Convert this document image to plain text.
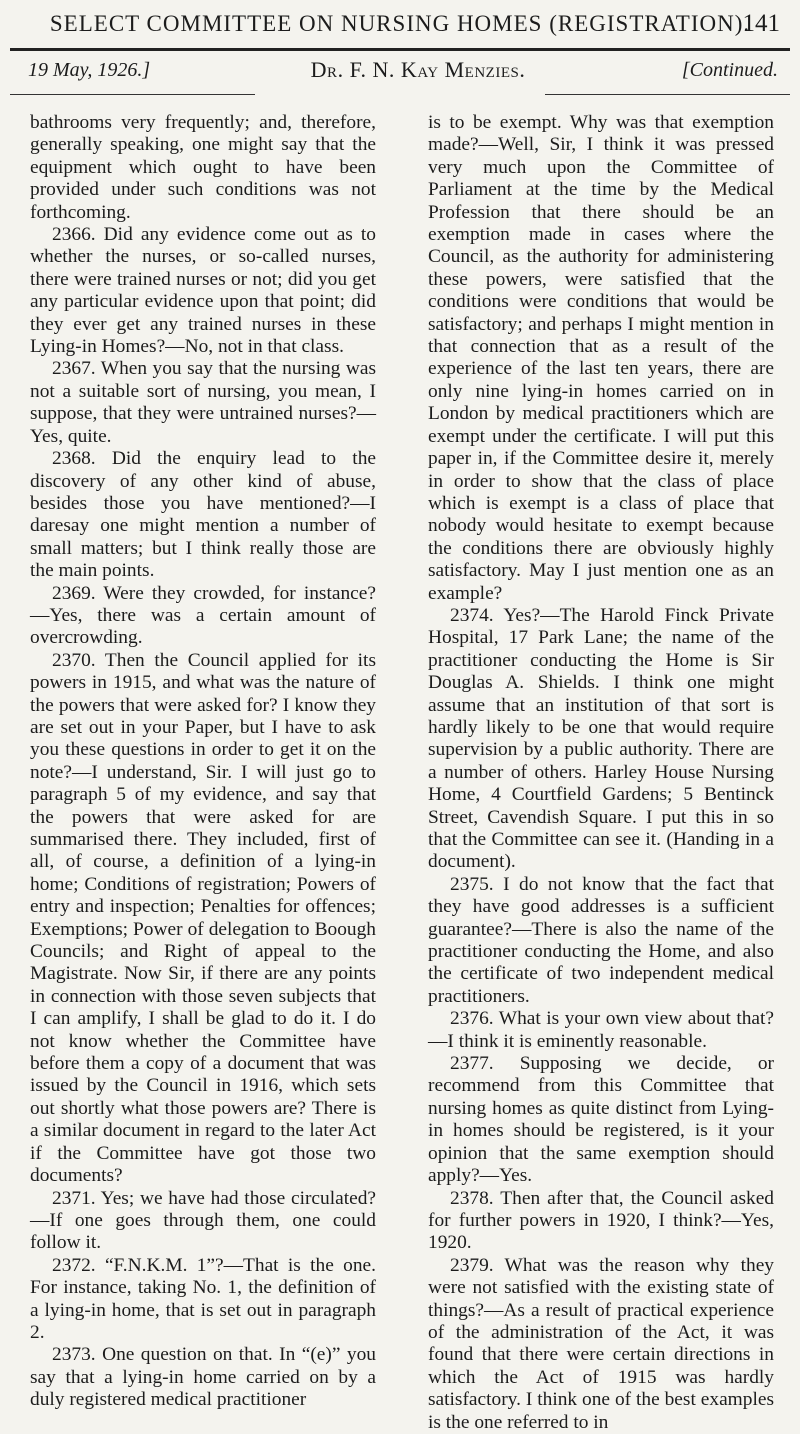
SELECT COMMITTEE ON NURSING HOMES (REGISTRATION).
141
19 May, 1926.]	Dr. F. N. Kay Menzies.	[Continued.

bathrooms very frequently; and, therefore, generally speaking, one might say that the equipment which ought to have been provided under such conditions was not forthcoming.

2366. Did any evidence come out as to whether the nurses, or so-called nurses, there were trained nurses or not; did you get any particular evidence upon that point; did they ever get any trained nurses in these Lying-in Homes?—No, not in that class.

2367. When you say that the nursing was not a suitable sort of nursing, you mean, I suppose, that they were untrained nurses?—Yes, quite.

2368. Did the enquiry lead to the discovery of any other kind of abuse, besides those you have mentioned?—I daresay one might mention a number of small matters; but I think really those are the main points.

2369. Were they crowded, for instance?—Yes, there was a certain amount of overcrowding.

2370. Then the Council applied for its powers in 1915, and what was the nature of the powers that were asked for? I know they are set out in your Paper, but I have to ask you these questions in order to get it on the note?—I understand, Sir. I will just go to paragraph 5 of my evidence, and say that the powers that were asked for are summarised there. They included, first of all, of course, a definition of a lying-in home; Conditions of registration; Powers of entry and inspection; Penalties for offences; Exemptions; Power of delegation to Boough Councils; and Right of appeal to the Magistrate. Now Sir, if there are any points in connection with those seven subjects that I can amplify, I shall be glad to do it. I do not know whether the Committee have before them a copy of a document that was issued by the Council in 1916, which sets out shortly what those powers are? There is a similar document in regard to the later Act if the Committee have got those two documents?

2371. Yes; we have had those circulated?—If one goes through them, one could follow it.

2372. “F.N.K.M. 1”?—That is the one. For instance, taking No. 1, the definition of a lying-in home, that is set out in paragraph 2.

2373. One question on that. In “(e)” you say that a lying-in home carried on by a duly registered medical practitioner

is to be exempt. Why was that exemption made?—Well, Sir, I think it was pressed very much upon the Committee of Parliament at the time by the Medical Profession that there should be an exemption made in cases where the Council, as the authority for administering these powers, were satisfied that the conditions were conditions that would be satisfactory; and perhaps I might mention in that connection that as a result of the experience of the last ten years, there are only nine lying-in homes carried on in London by medical practitioners which are exempt under the certificate. I will put this paper in, if the Committee desire it, merely in order to show that the class of place which is exempt is a class of place that nobody would hesitate to exempt because the conditions there are obviously highly satisfactory. May I just mention one as an example?

2374. Yes?—The Harold Finck Private Hospital, 17 Park Lane; the name of the practitioner conducting the Home is Sir Douglas A. Shields. I think one might assume that an institution of that sort is hardly likely to be one that would require supervision by a public authority. There are a number of others. Harley House Nursing Home, 4 Courtfield Gardens; 5 Bentinck Street, Cavendish Square. I put this in so that the Committee can see it. (Handing in a document).

2375. I do not know that the fact that they have good addresses is a sufficient guarantee?—There is also the name of the practitioner conducting the Home, and also the certificate of two independent medical practitioners.

2376. What is your own view about that?—I think it is eminently reasonable.

2377. Supposing we decide, or recommend from this Committee that nursing homes as quite distinct from Lying-in homes should be registered, is it your opinion that the same exemption should apply?—Yes.

2378. Then after that, the Council asked for further powers in 1920, I think?—Yes, 1920.

2379. What was the reason why they were not satisfied with the existing state of things?—As a result of practical experience of the administration of the Act, it was found that there were certain directions in which the Act of 1915 was hardly satisfactory. I think one of the best examples is the one referred to in
